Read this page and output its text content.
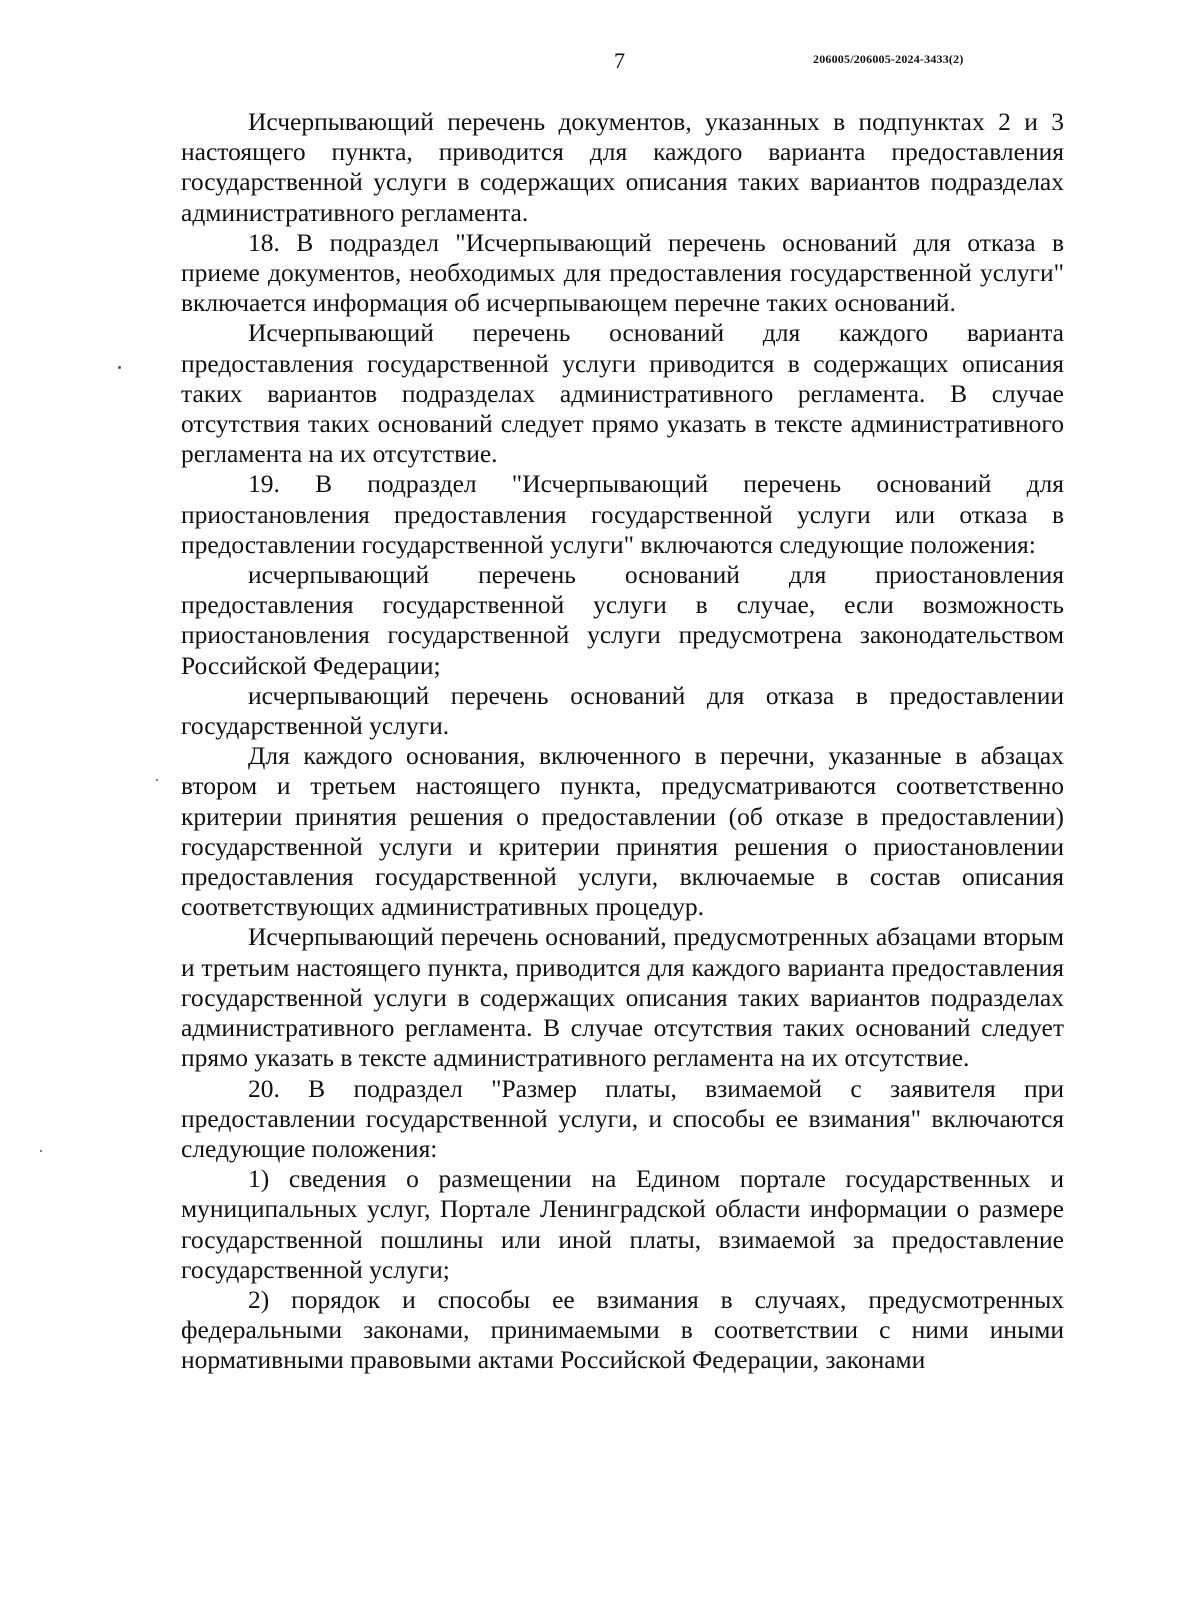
7	206005/206005-2024-3433(2)

Исчерпывающий перечень документов, указанных в подпунктах 2 и 3 настоящего пункта, приводится для каждого варианта предоставления государственной услуги в содержащих описания таких вариантов подразделах административного регламента.

18. В подраздел "Исчерпывающий перечень оснований для отказа в приеме документов, необходимых для предоставления государственной услуги" включается информация об исчерпывающем перечне таких оснований.

Исчерпывающий перечень оснований для каждого варианта предоставления государственной услуги приводится в содержащих описания таких вариантов подразделах административного регламента. В случае отсутствия таких оснований следует прямо указать в тексте административного регламента на их отсутствие.

19. В подраздел "Исчерпывающий перечень оснований для приостановления предоставления государственной услуги или отказа в предоставлении государственной услуги" включаются следующие положения:

исчерпывающий перечень оснований для приостановления предоставления государственной услуги в случае, если возможность приостановления государственной услуги предусмотрена законодательством Российской Федерации;

исчерпывающий перечень оснований для отказа в предоставлении государственной услуги.

Для каждого основания, включенного в перечни, указанные в абзацах втором и третьем настоящего пункта, предусматриваются соответственно критерии принятия решения о предоставлении (об отказе в предоставлении) государственной услуги и критерии принятия решения о приостановлении предоставления государственной услуги, включаемые в состав описания соответствующих административных процедур.

Исчерпывающий перечень оснований, предусмотренных абзацами вторым и третьим настоящего пункта, приводится для каждого варианта предоставления государственной услуги в содержащих описания таких вариантов подразделах административного регламента. В случае отсутствия таких оснований следует прямо указать в тексте административного регламента на их отсутствие.

20. В подраздел "Размер платы, взимаемой с заявителя при предоставлении государственной услуги, и способы ее взимания" включаются следующие положения:

1) сведения о размещении на Едином портале государственных и муниципальных услуг, Портале Ленинградской области информации о размере государственной пошлины или иной платы, взимаемой за предоставление государственной услуги;

2) порядок и способы ее взимания в случаях, предусмотренных федеральными законами, принимаемыми в соответствии с ними иными нормативными правовыми актами Российской Федерации, законами
